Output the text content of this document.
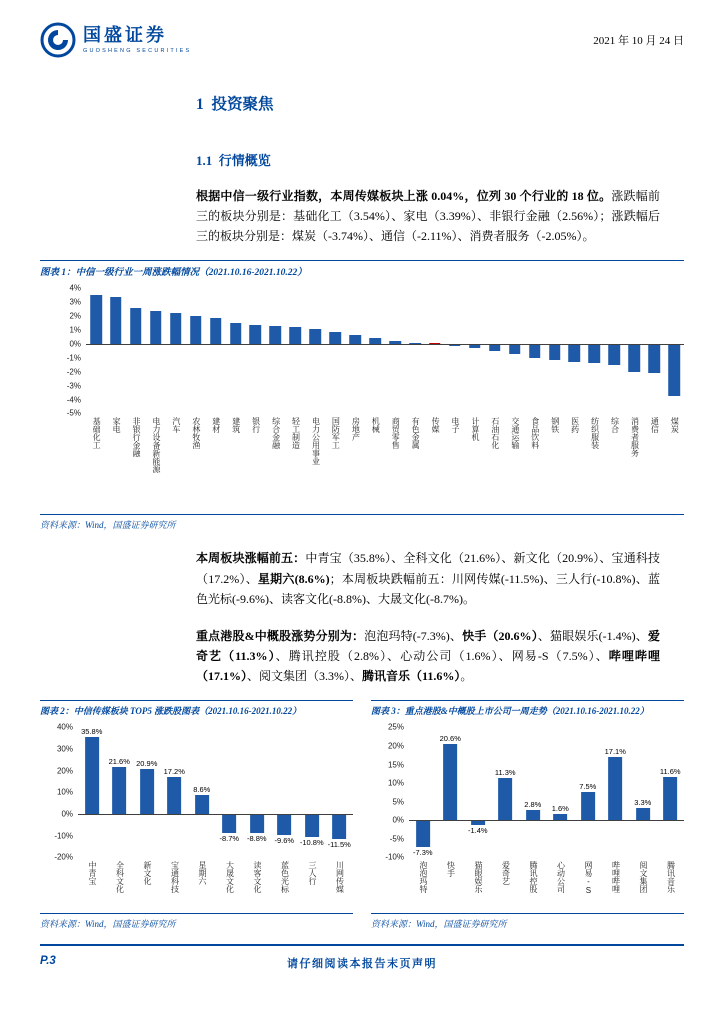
国盛证券
GUOSHENG SECURITIES
2021 年 10 月 24 日
1  投资聚焦
1.1  行情概览

根据中信一级行业指数，本周传媒板块上涨 0.04%，位列 30 个行业的 18 位。涨跌幅前三的板块分别是：基础化工（3.54%）、家电（3.39%）、非银行金融（2.56%）；涨跌幅后三的板块分别是：煤炭（-3.74%）、通信（-2.11%）、消费者服务（-2.05%）。

图表 1：中信一级行业一周涨跌幅情况（2021.10.16-2021.10.22）
4%
3%
2%
1%
0%
-1%
-2%
-3%
-4%
-5%
基础化工 家电 非银行金融 电力设备新能源 汽车 农林牧渔 建材 建筑 银行 综合金融 轻工制造 电力公用事业 国防军工 房地产 机械 商贸零售 有色金属 传媒 电子 计算机 石油石化 交通运输 食品饮料 钢铁 医药 纺织服装 综合 消费者服务 通信 煤炭
资料来源：Wind，国盛证券研究所

本周板块涨幅前五：中青宝（35.8%）、全科文化（21.6%）、新文化（20.9%）、宝通科技（17.2%）、星期六(8.6%)；本周板块跌幅前五：川网传媒(-11.5%)、三人行(-10.8%)、蓝色光标(-9.6%)、读客文化(-8.8%)、大晟文化(-8.7%)。

重点港股&中概股涨势分别为：泡泡玛特(-7.3%)、快手（20.6%）、猫眼娱乐(-1.4%)、爱奇艺（11.3%）、腾讯控股（2.8%）、心动公司（1.6%）、网易-S（7.5%）、哔哩哔哩（17.1%）、阅文集团（3.3%）、腾讯音乐（11.6%）。

图表 2：中信传媒板块 TOP5 涨跌股图表（2021.10.16-2021.10.22）
40%
30%
20%
10%
0%
-10%
-20%
35.8%
21.6% 20.9%
17.2%
8.6%
-8.7% -8.8% -9.6% -10.8% -11.5%
中青宝 全科文化 新文化 宝通科技 星期六 大晟文化 读客文化 蓝色光标 三人行 川网传媒
资料来源：Wind，国盛证券研究所
图表 3：重点港股&中概股上市公司一周走势（2021.10.16-2021.10.22）
25%
20%
15%
10%
5%
0%
-5%
-10%
-7.3%
20.6%
-1.4%
11.3%
2.8% 1.6%
7.5%
17.1%
3.3%
11.6%
泡泡玛特 快手 猫眼娱乐 爱奇艺 腾讯控股 心动公司 网易-S 哔哩哔哩 阅文集团 腾讯音乐
资料来源：Wind，国盛证券研究所
P.3	请仔细阅读本报告末页声明
